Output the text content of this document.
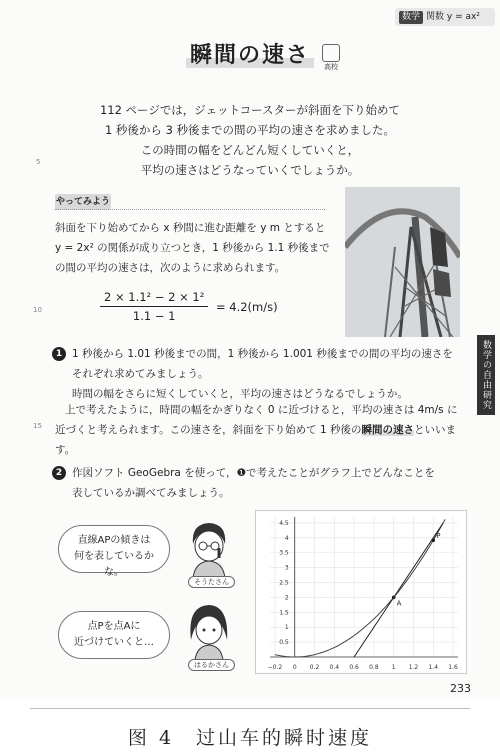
数学 関数 y = ax²
瞬間の速さ	高校
112 ページでは，ジェットコースターが斜面を下り始めて
1 秒後から 3 秒後までの間の平均の速さを求めました。
この時間の幅をどんどん短くしていくと，
平均の速さはどうなっていくでしょうか。
5
10
15
やってみよう
斜面を下り始めてから x 秒間に進む距離を y m とすると
y = 2x² の関係が成り立つとき，1 秒後から 1.1 秒後まで
の間の平均の速さは，次のように求められます。
$\frac{\text{2 × 1.1² − 2 × 1²}}{1.1 - 1} = 4.2(m/s)$
数学の自由研究
1 1 秒後から 1.01 秒後までの間，1 秒後から 1.001 秒後までの間の平均の速さを
それぞれ求めてみましょう。
時間の幅をさらに短くしていくと，平均の速さはどうなるでしょうか。
上で考えたように，時間の幅をかぎりなく 0 に近づけると，平均の速さは 4m/s に
近づくと考えられます。この速さを，斜面を下り始めて 1 秒後の瞬間の速さといいます。
2 作図ソフト GeoGebra を使って，❶で考えたことがグラフ上でどんなことを
表しているか調べてみましょう。
直線APの傾きは
何を表しているかな。
そうたさん
点Pを点Aに
近づけていくと…
はるかさん	−0.2 0 0.2 0.4 0.6 0.8 1 1.2 1.4 1.6
0.5
1
1.5
2
2.5
3
3.5
4
4.5
A
P
233
图 4　过山车的瞬时速度
